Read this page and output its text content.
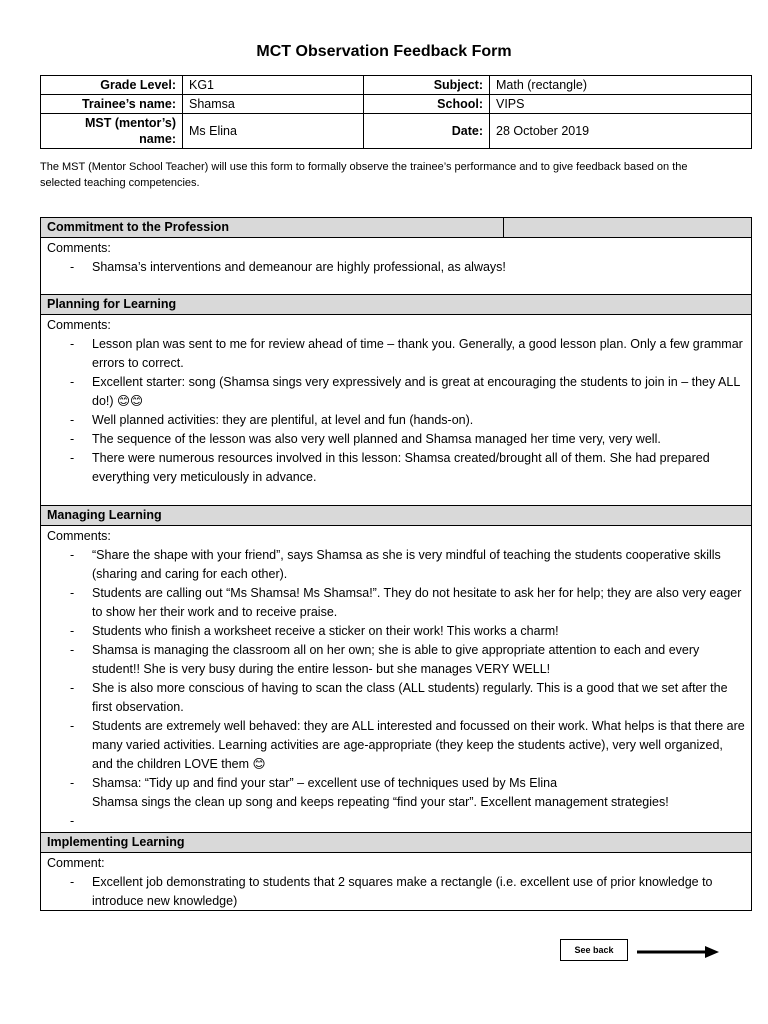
MCT Observation Feedback Form
Grade Level:	KG1	Subject:	Math (rectangle)
Trainee’s name:	Shamsa	School:	VIPS
MST (mentor’s) name:	Ms Elina	Date:	28 October 2019
The MST (Mentor School Teacher) will use this form to formally observe the trainee’s performance and to give feedback based on the selected teaching competencies.
Commitment to the Profession
Comments:
- Shamsa’s interventions and demeanour are highly professional, as always!
Planning for Learning
Comments:
- Lesson plan was sent to me for review ahead of time – thank you. Generally, a good lesson plan. Only a few grammar errors to correct.
- Excellent starter: song (Shamsa sings very expressively and is great at encouraging the students to join in – they ALL do!) 😊😊
- Well planned activities: they are plentiful, at level and fun (hands-on).
- The sequence of the lesson was also very well planned and Shamsa managed her time very, very well.
- There were numerous resources involved in this lesson: Shamsa created/brought all of them. She had prepared everything very meticulously in advance.
Managing Learning
Comments:
- “Share the shape with your friend”, says Shamsa as she is very mindful of teaching the students cooperative skills (sharing and caring for each other).
- Students are calling out “Ms Shamsa! Ms Shamsa!”. They do not hesitate to ask her for help; they are also very eager to show her their work and to receive praise.
- Students who finish a worksheet receive a sticker on their work! This works a charm!
- Shamsa is managing the classroom all on her own; she is able to give appropriate attention to each and every student!! She is very busy during the entire lesson- but she manages VERY WELL!
- She is also more conscious of having to scan the class (ALL students) regularly. This is a good that we set after the first observation.
- Students are extremely well behaved: they are ALL interested and focussed on their work. What helps is that there are many varied activities. Learning activities are age-appropriate (they keep the students active), very well organized, and the children LOVE them 😊
- Shamsa: “Tidy up and find your star” – excellent use of techniques used by Ms Elina
Shamsa sings the clean up song and keeps repeating “find your star”. Excellent management strategies!
-
Implementing Learning
Comment:
- Excellent job demonstrating to students that 2 squares make a rectangle (i.e. excellent use of prior knowledge to introduce new knowledge)
See back
